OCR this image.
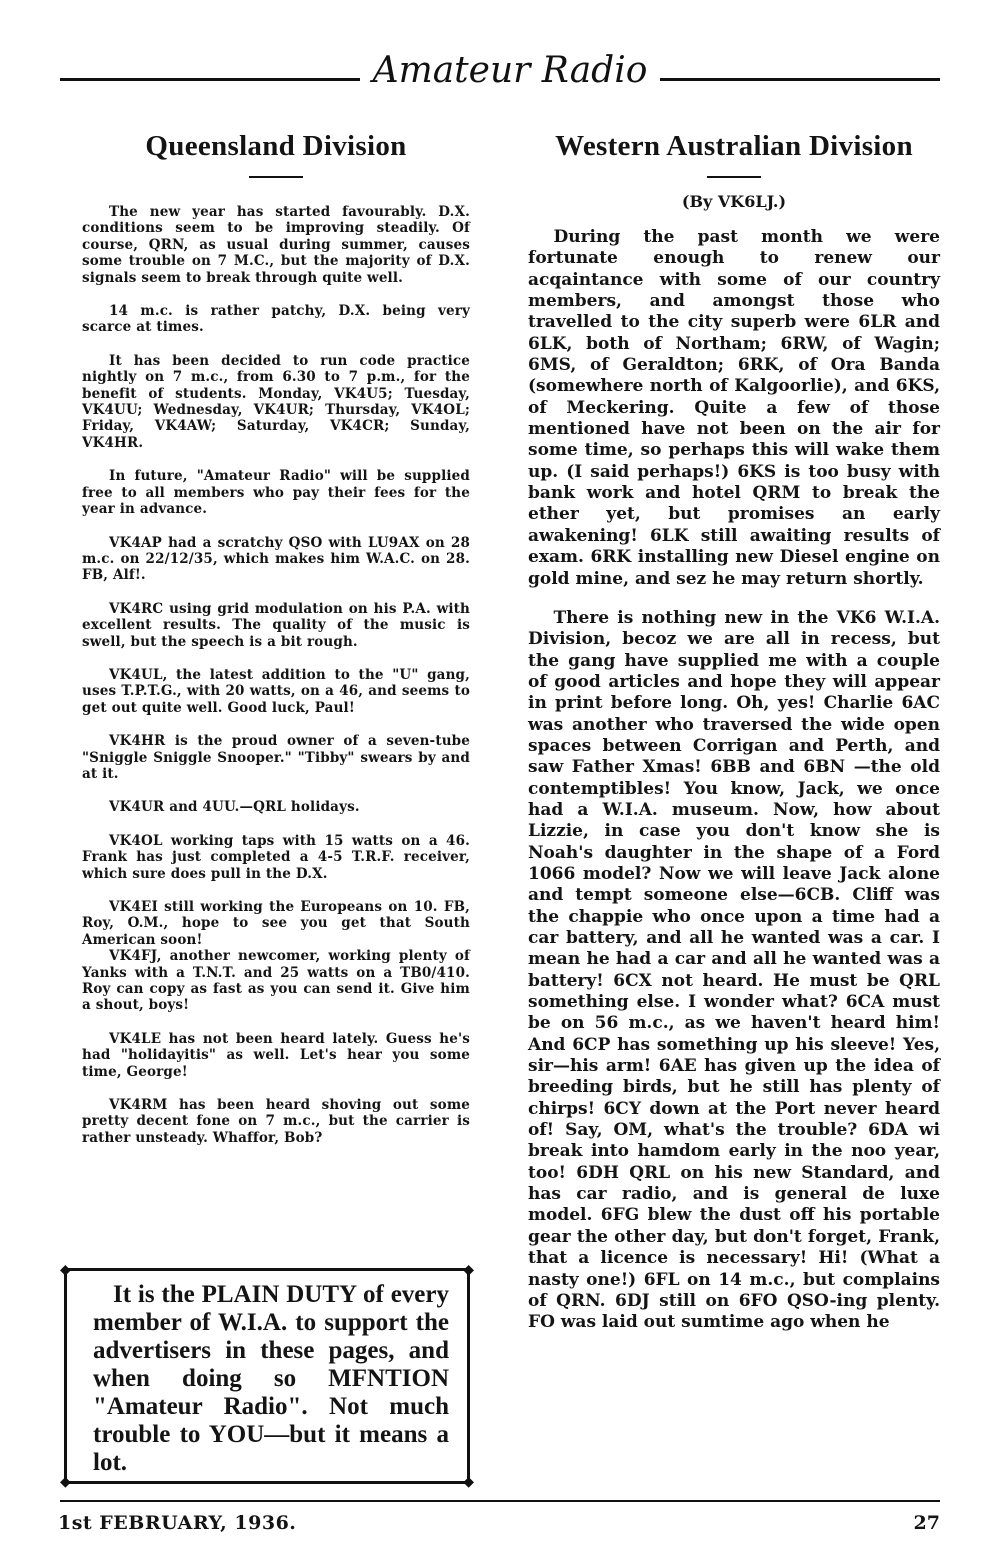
Amateur Radio
Queensland Division

The new year has started favourably. D.X. conditions seem to be improving steadily. Of course, QRN, as usual during summer, causes some trouble on 7 M.C., but the majority of D.X. signals seem to break through quite well.

14 m.c. is rather patchy, D.X. being very scarce at times.

It has been decided to run code practice nightly on 7 m.c., from 6.30 to 7 p.m., for the benefit of students. Monday, VK4U5; Tuesday, VK4UU; Wednesday, VK4UR; Thursday, VK4OL; Friday, VK4AW; Saturday, VK4CR; Sunday, VK4HR.

In future, "Amateur Radio" will be supplied free to all members who pay their fees for the year in advance.

VK4AP had a scratchy QSO with LU9AX on 28 m.c. on 22/12/35, which makes him W.A.C. on 28. FB, Alf!.

VK4RC using grid modulation on his P.A. with excellent results. The quality of the music is swell, but the speech is a bit rough.

VK4UL, the latest addition to the "U" gang, uses T.P.T.G., with 20 watts, on a 46, and seems to get out quite well. Good luck, Paul!

VK4HR is the proud owner of a seven-tube "Sniggle Sniggle Snooper." "Tibby" swears by and at it.

VK4UR and 4UU.—QRL holidays.

VK4OL working taps with 15 watts on a 46. Frank has just completed a 4-5 T.R.F. receiver, which sure does pull in the D.X.

VK4EI still working the Europeans on 10. FB, Roy, O.M., hope to see you get that South American soon!

VK4FJ, another newcomer, working plenty of Yanks with a T.N.T. and 25 watts on a TB0/410. Roy can copy as fast as you can send it. Give him a shout, boys!

VK4LE has not been heard lately. Guess he's had "holidayitis" as well. Let's hear you some time, George!

VK4RM has been heard shoving out some pretty decent fone on 7 m.c., but the carrier is rather unsteady. Whaffor, Bob?

◆	◆
◆	◆

It is the PLAIN DUTY of every member of W.I.A. to support the advertisers in these pages, and when doing so MFNTION "Amateur Radio". Not much trouble to YOU—but it means a lot.

Western Australian Division
(By VK6LJ.)

During the past month we were fortunate enough to renew our acqaintance with some of our country members, and amongst those who travelled to the city superb were 6LR and 6LK, both of Northam; 6RW, of Wagin; 6MS, of Geraldton; 6RK, of Ora Banda (somewhere north of Kalgoorlie), and 6KS, of Meckering. Quite a few of those mentioned have not been on the air for some time, so perhaps this will wake them up. (I said perhaps!) 6KS is too busy with bank work and hotel QRM to break the ether yet, but promises an early awakening! 6LK still awaiting results of exam. 6RK installing new Diesel engine on gold mine, and sez he may return shortly.

There is nothing new in the VK6 W.I.A. Division, becoz we are all in recess, but the gang have supplied me with a couple of good articles and hope they will appear in print before long. Oh, yes! Charlie 6AC was another who traversed the wide open spaces between Corrigan and Perth, and saw Father Xmas! 6BB and 6BN —the old contemptibles! You know, Jack, we once had a W.I.A. museum. Now, how about Lizzie, in case you don't know she is Noah's daughter in the shape of a Ford 1066 model? Now we will leave Jack alone and tempt someone else—6CB. Cliff was the chappie who once upon a time had a car battery, and all he wanted was a car. I mean he had a car and all he wanted was a battery! 6CX not heard. He must be QRL something else. I wonder what? 6CA must be on 56 m.c., as we haven't heard him! And 6CP has something up his sleeve! Yes, sir—his arm! 6AE has given up the idea of breeding birds, but he still has plenty of chirps! 6CY down at the Port never heard of! Say, OM, what's the trouble? 6DA wi break into hamdom early in the noo year, too! 6DH QRL on his new Standard, and has car radio, and is general de luxe model. 6FG blew the dust off his portable gear the other day, but don't forget, Frank, that a licence is necessary! Hi! (What a nasty one!) 6FL on 14 m.c., but complains of QRN. 6DJ still on 6FO QSO-ing plenty. FO was laid out sumtime ago when he

1st FEBRUARY, 1936.	27
